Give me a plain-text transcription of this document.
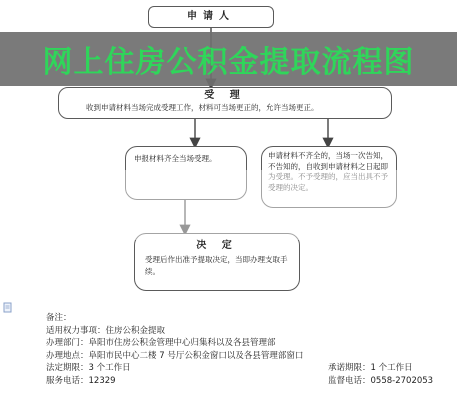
申请人
受 理
收到申请材料当场完成受理工作，材料可当场更正的，允许当场更正。
申报材料齐全当场受理。	申请材料不齐全的，当场一次告知，不告知的，自收到申请材料之日起即为受理。不予受理的，应当出具不予受理的决定。
决 定
受理后作出准予提取决定，当即办理支取手续。
网上住房公积金提取流程图
备注：
适用权力事项：住房公积金提取
办理部门：阜阳市住房公积金管理中心归集科以及各县管理部
办理地点：阜阳市民中心二楼 7 号厅公积金窗口以及各县管理部窗口
法定期限：3 个工作日	承诺期限：1 个工作日
服务电话：12329	监督电话：0558-2702053
